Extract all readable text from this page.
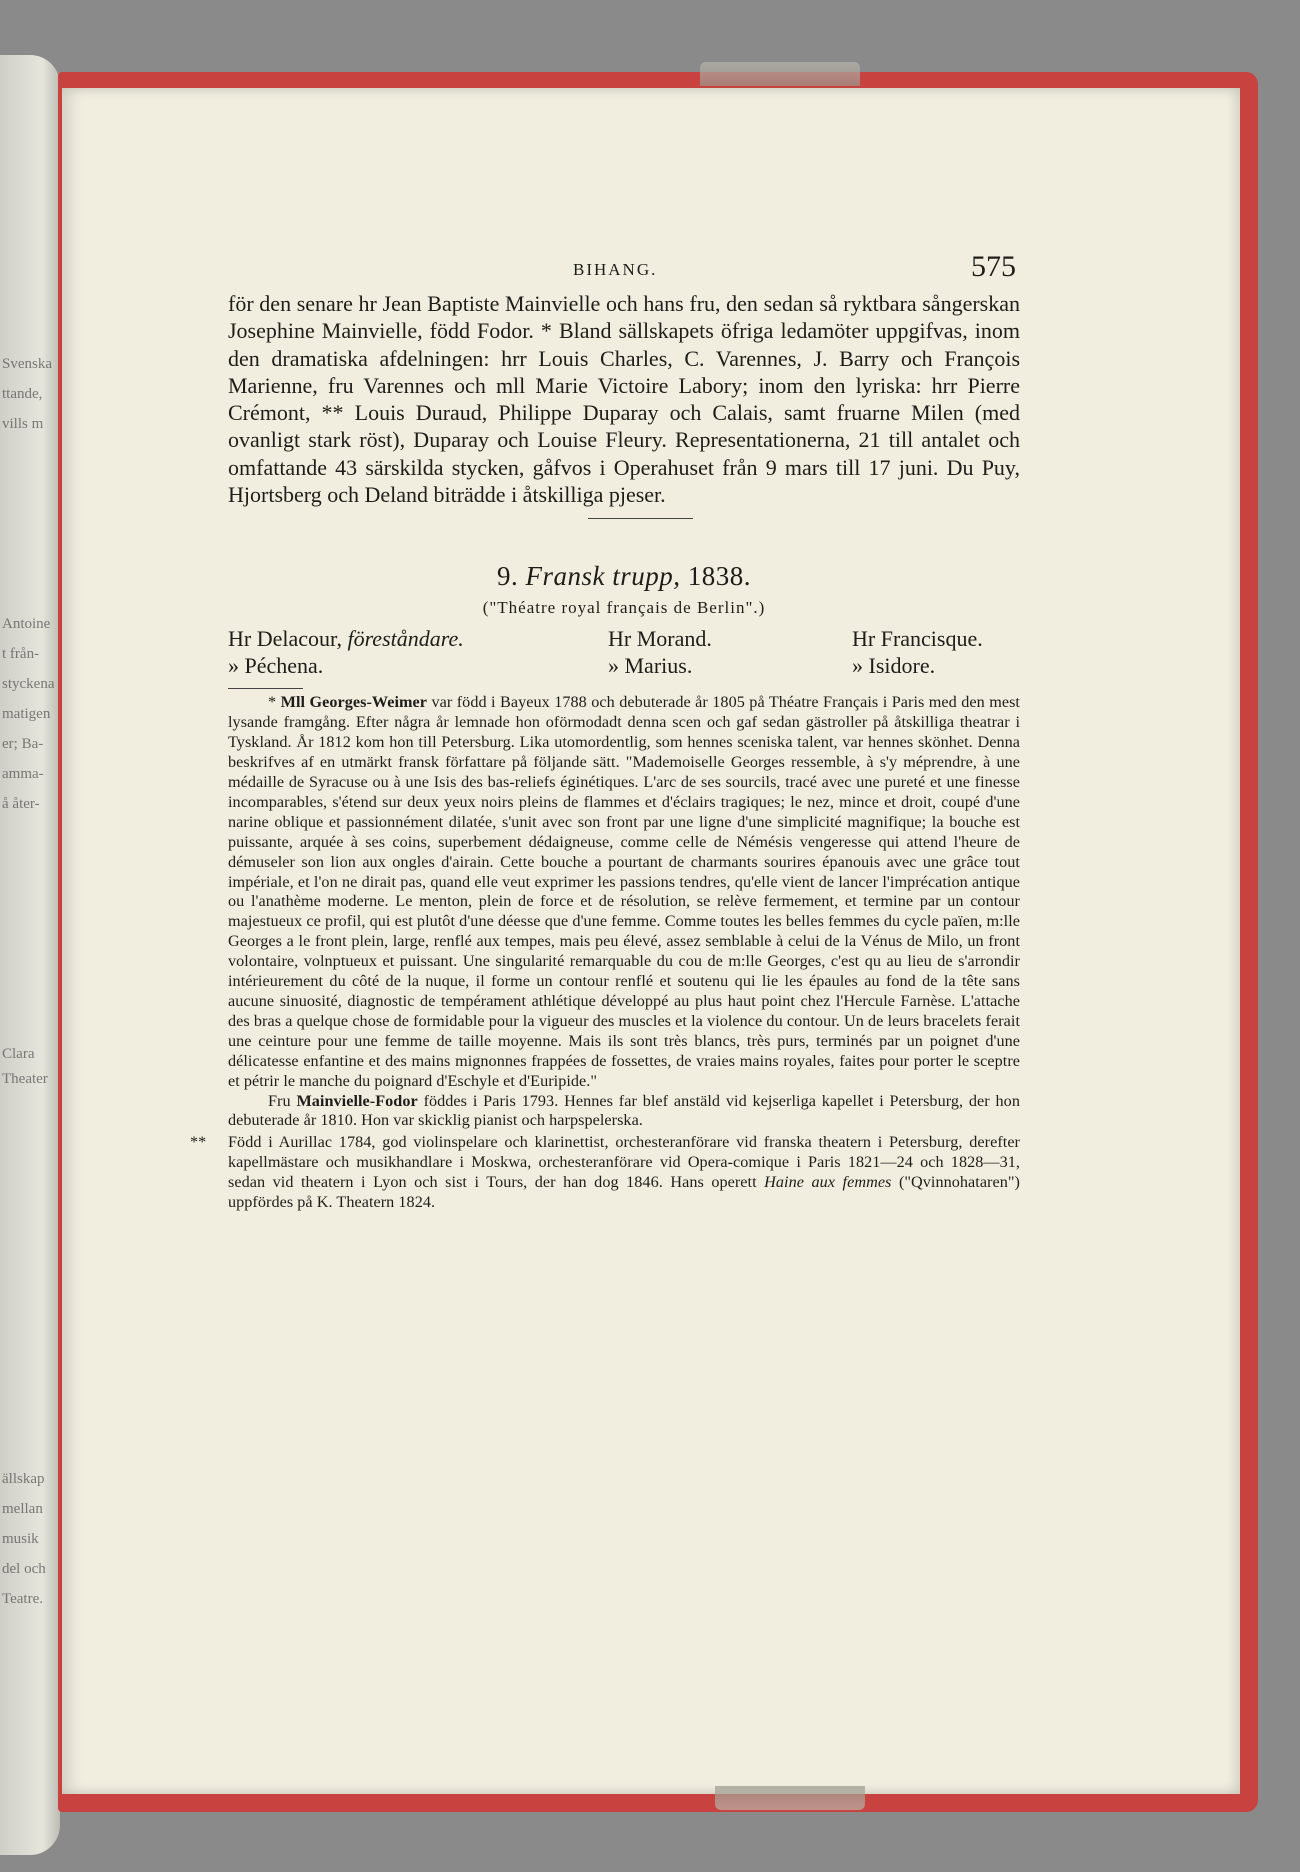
Svenska
ttande,
vills m
Antoine
t från-
styckena
matigen
er; Ba-
amma-
å åter-
Clara
Theater
ällskap
mellan
musik
del och
Teatre.
BIHANG.	575

för den senare hr Jean Baptiste Mainvielle och hans fru, den sedan så ryktbara sångerskan Josephine Mainvielle, född Fodor. * Bland sällskapets öfriga ledamöter uppgifvas, inom den dramatiska afdelningen: hrr Louis Charles, C. Varennes, J. Barry och François Marienne, fru Varennes och mll Marie Victoire Labory; inom den lyriska: hrr Pierre Crémont, ** Louis Duraud, Philippe Duparay och Calais, samt fruarne Milen (med ovanligt stark röst), Duparay och Louise Fleury. Representationerna, 21 till antalet och omfattande 43 särskilda stycken, gåfvos i Operahuset från 9 mars till 17 juni. Du Puy, Hjortsberg och Deland biträdde i åtskilliga pjeser.

9. Fransk trupp, 1838.
("Théatre royal français de Berlin".)
Hr Delacour, föreståndare.	Hr Morand.	Hr Francisque.
» Péchena.	» Marius.	» Isidore.

* Mll Georges-Weimer var född i Bayeux 1788 och debuterade år 1805 på Théatre Français i Paris med den mest lysande framgång. Efter några år lemnade hon oförmodadt denna scen och gaf sedan gästroller på åtskilliga theatrar i Tyskland. År 1812 kom hon till Petersburg. Lika utomordentlig, som hennes sceniska talent, var hennes skönhet. Denna beskrifves af en utmärkt fransk författare på följande sätt. "Mademoiselle Georges ressemble, à s'y méprendre, à une médaille de Syracuse ou à une Isis des bas-reliefs éginétiques. L'arc de ses sourcils, tracé avec une pureté et une finesse incomparables, s'étend sur deux yeux noirs pleins de flammes et d'éclairs tragiques; le nez, mince et droit, coupé d'une narine oblique et passionnément dilatée, s'unit avec son front par une ligne d'une simplicité magnifique; la bouche est puissante, arquée à ses coins, superbement dédaigneuse, comme celle de Némésis vengeresse qui attend l'heure de démuseler son lion aux ongles d'airain. Cette bouche a pourtant de charmants sourires épanouis avec une grâce tout impériale, et l'on ne dirait pas, quand elle veut exprimer les passions tendres, qu'elle vient de lancer l'imprécation antique ou l'anathème moderne. Le menton, plein de force et de résolution, se relève fermement, et termine par un contour majestueux ce profil, qui est plutôt d'une déesse que d'une femme. Comme toutes les belles femmes du cycle païen, m:lle Georges a le front plein, large, renflé aux tempes, mais peu élevé, assez semblable à celui de la Vénus de Milo, un front volontaire, volnptueux et puissant. Une singularité remarquable du cou de m:lle Georges, c'est qu au lieu de s'arrondir intérieurement du côté de la nuque, il forme un contour renflé et soutenu qui lie les épaules au fond de la tête sans aucune sinuosité, diagnostic de tempérament athlétique développé au plus haut point chez l'Hercule Farnèse. L'attache des bras a quelque chose de formidable pour la vigueur des muscles et la violence du contour. Un de leurs bracelets ferait une ceinture pour une femme de taille moyenne. Mais ils sont très blancs, très purs, terminés par un poignet d'une délicatesse enfantine et des mains mignonnes frappées de fossettes, de vraies mains royales, faites pour porter le sceptre et pétrir le manche du poignard d'Eschyle et d'Euripide."

Fru Mainvielle-Fodor föddes i Paris 1793. Hennes far blef anstäld vid kejserliga kapellet i Petersburg, der hon debuterade år 1810. Hon var skicklig pianist och harpspelerska.

** Född i Aurillac 1784, god violinspelare och klarinettist, orchesteranförare vid franska theatern i Petersburg, derefter kapellmästare och musikhandlare i Moskwa, orchesteranförare vid Opera-comique i Paris 1821—24 och 1828—31, sedan vid theatern i Lyon och sist i Tours, der han dog 1846. Hans operett Haine aux femmes ("Qvinnohataren") uppfördes på K. Theatern 1824.
